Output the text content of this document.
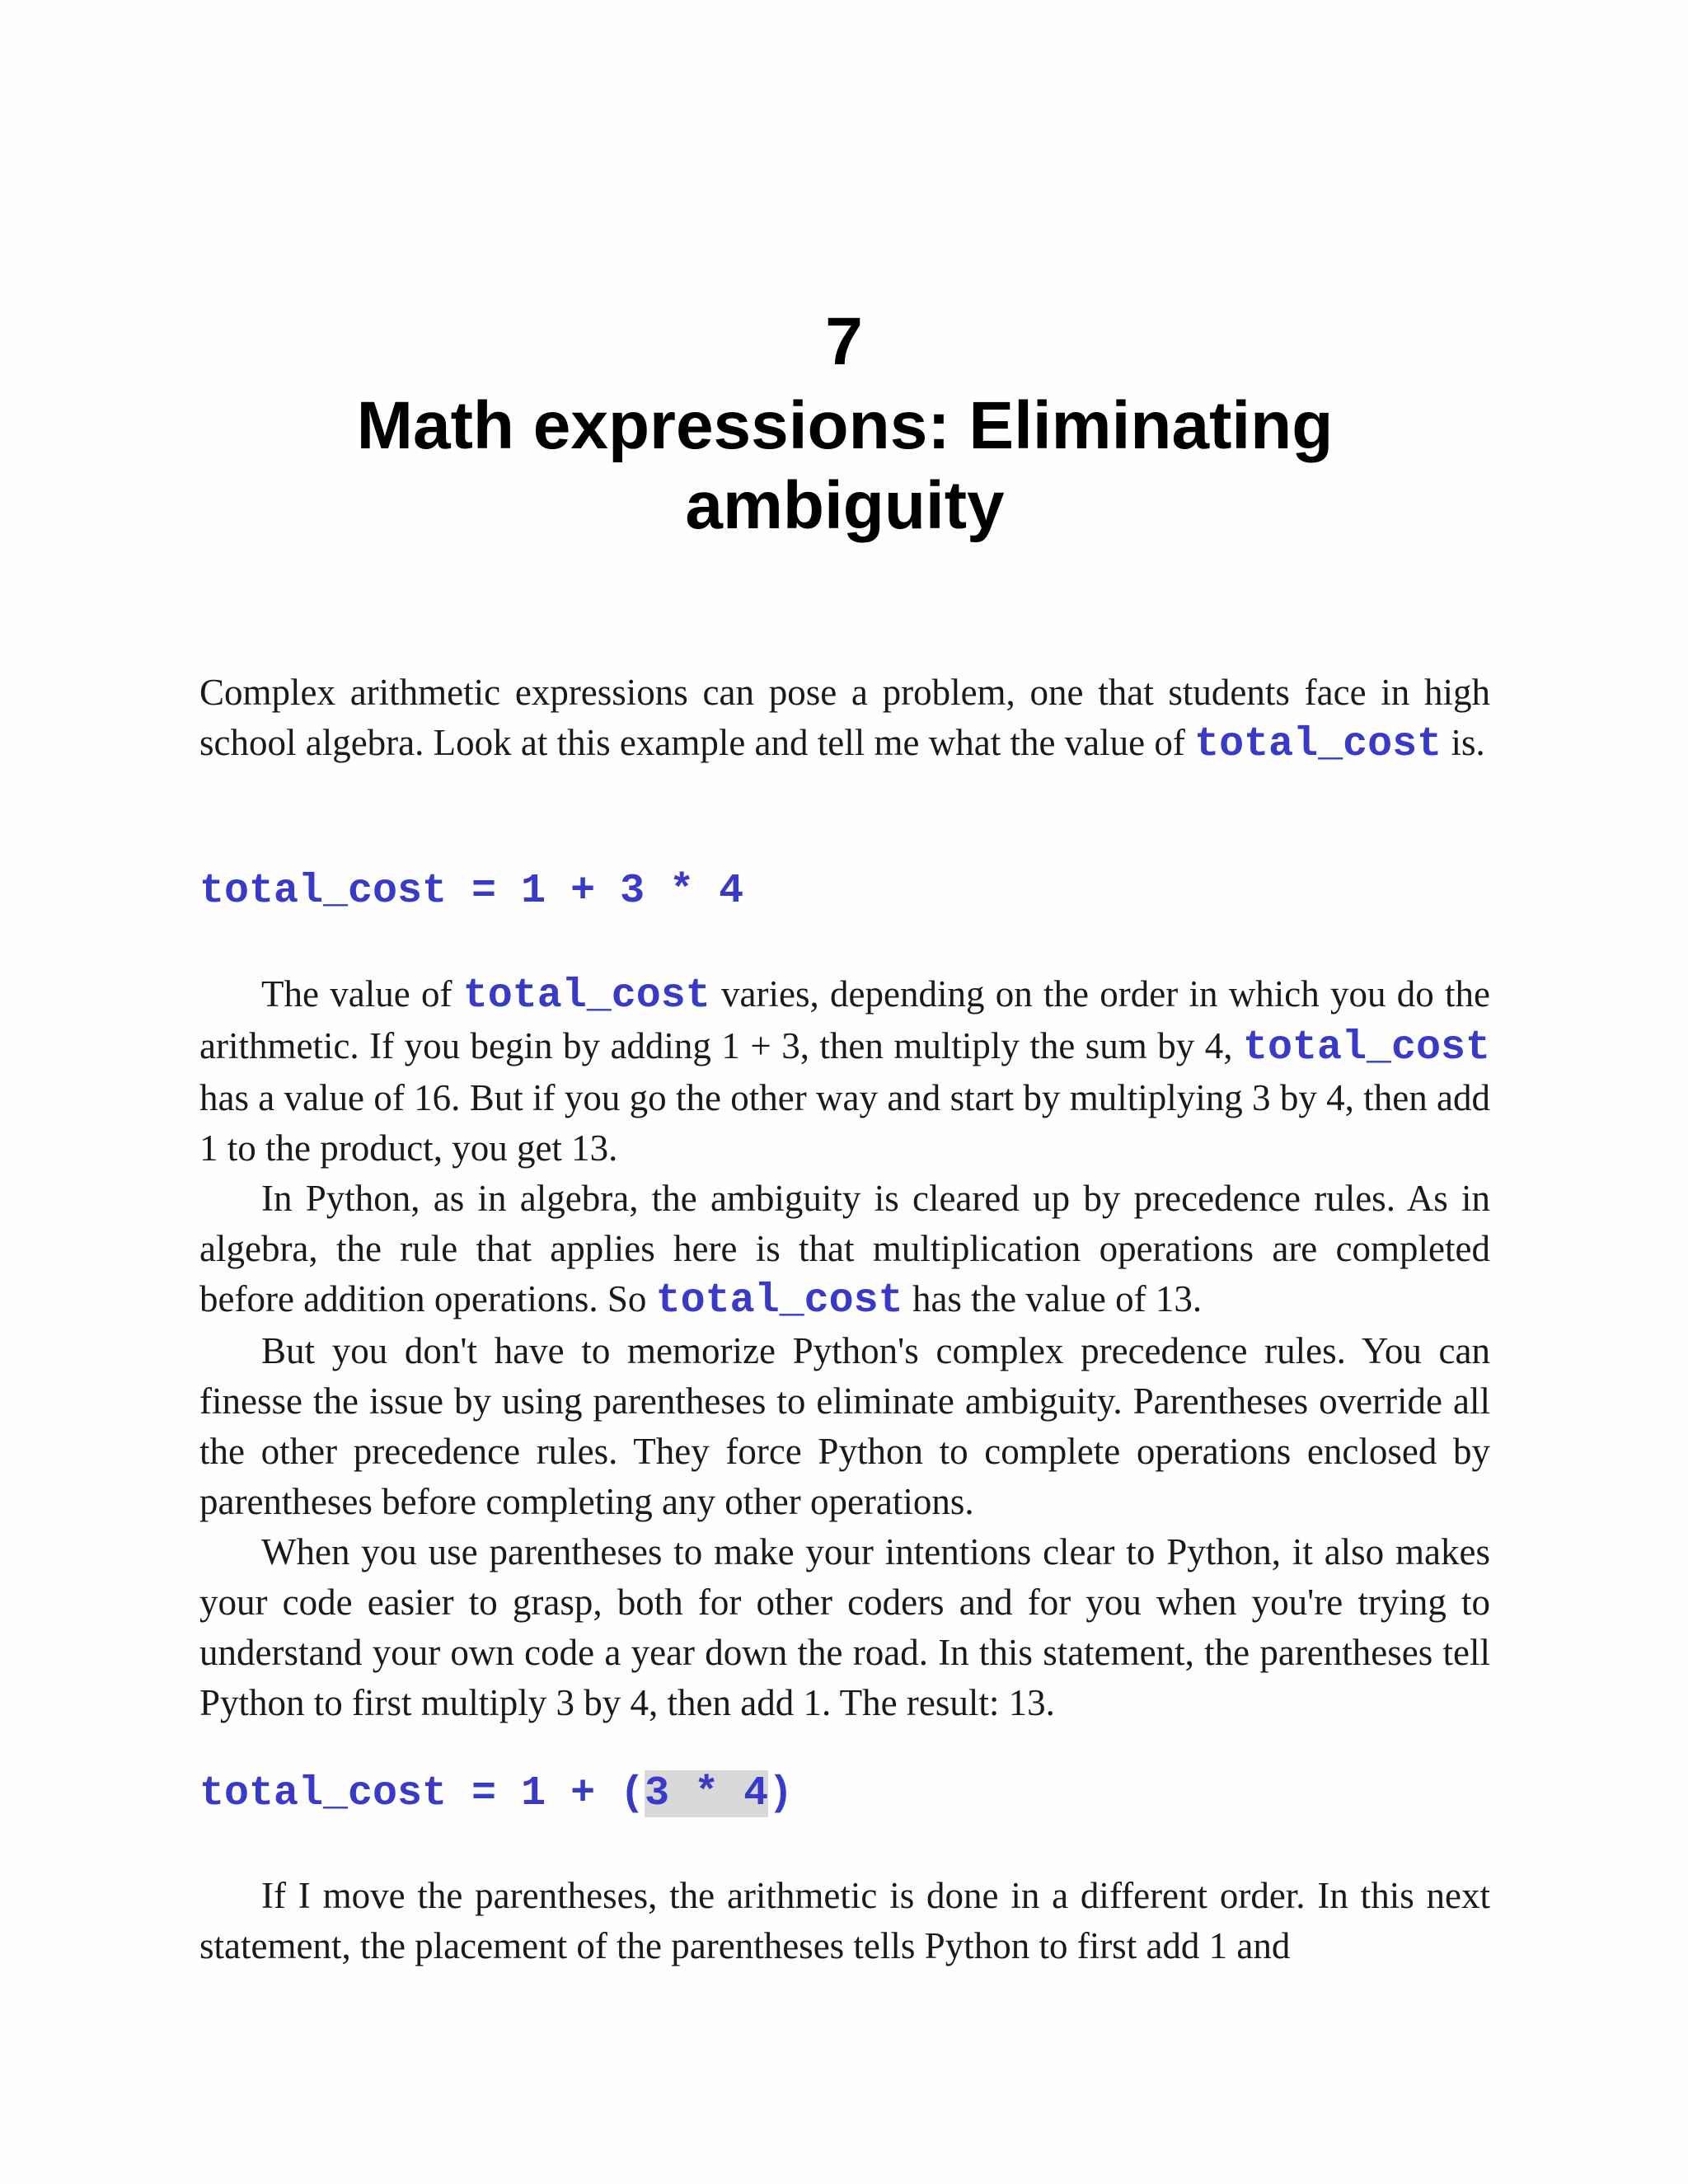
7
Math expressions: Eliminating ambiguity

Complex arithmetic expressions can pose a problem, one that students face in high school algebra. Look at this example and tell me what the value of total_cost is.

total_cost = 1 + 3 * 4

The value of total_cost varies, depending on the order in which you do the arithmetic. If you begin by adding 1 + 3, then multiply the sum by 4, total_cost has a value of 16. But if you go the other way and start by multiplying 3 by 4, then add 1 to the product, you get 13.

In Python, as in algebra, the ambiguity is cleared up by precedence rules. As in algebra, the rule that applies here is that multiplication operations are completed before addition operations. So total_cost has the value of 13.

But you don't have to memorize Python's complex precedence rules. You can finesse the issue by using parentheses to eliminate ambiguity. Parentheses override all the other precedence rules. They force Python to complete operations enclosed by parentheses before completing any other operations.

When you use parentheses to make your intentions clear to Python, it also makes your code easier to grasp, both for other coders and for you when you're trying to understand your own code a year down the road. In this statement, the parentheses tell Python to first multiply 3 by 4, then add 1. The result: 13.

total_cost = 1 + (3 * 4)

If I move the parentheses, the arithmetic is done in a different order. In this next statement, the placement of the parentheses tells Python to first add 1 and
